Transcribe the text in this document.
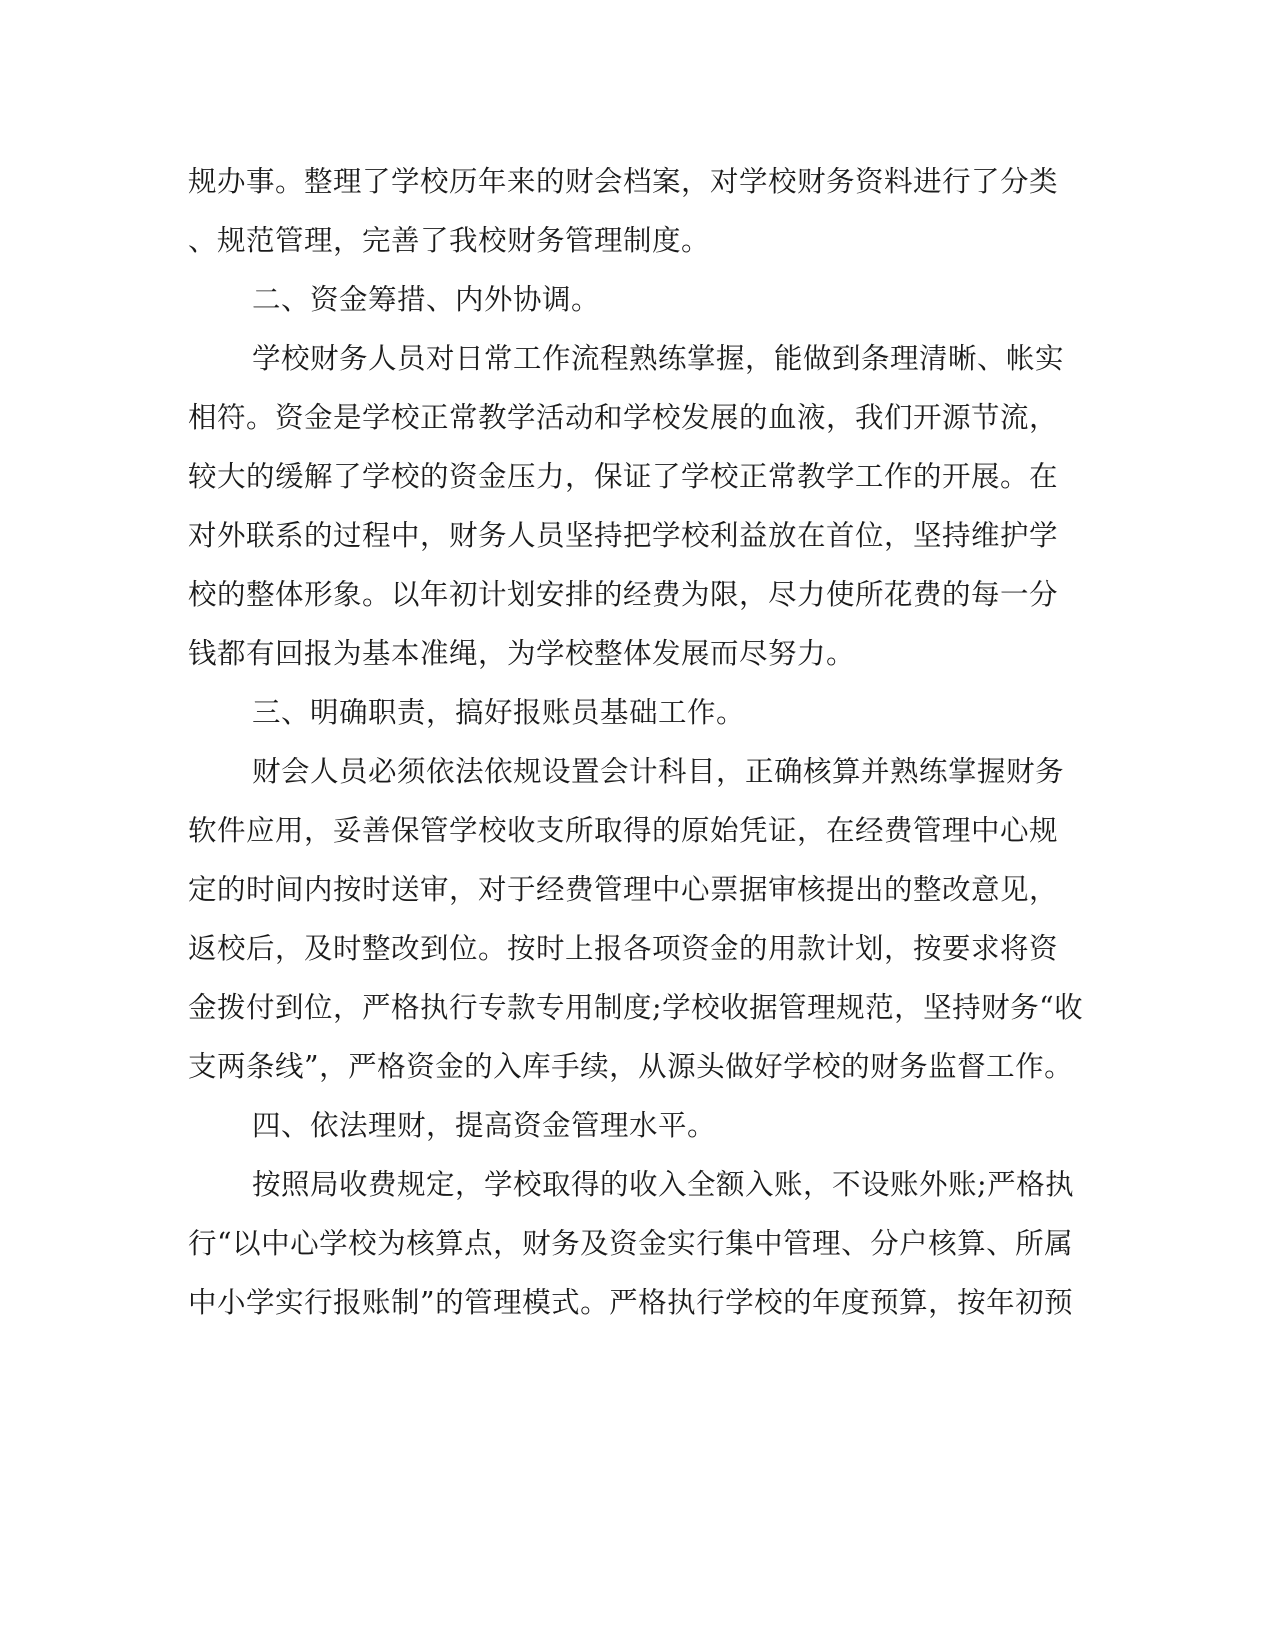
规办事。整理了学校历年来的财会档案，对学校财务资料进行了分类
、规范管理，完善了我校财务管理制度。
二、资金筹措、内外协调。
学校财务人员对日常工作流程熟练掌握，能做到条理清晰、帐实
相符。资金是学校正常教学活动和学校发展的血液，我们开源节流，
较大的缓解了学校的资金压力，保证了学校正常教学工作的开展。在
对外联系的过程中，财务人员坚持把学校利益放在首位，坚持维护学
校的整体形象。以年初计划安排的经费为限，尽力使所花费的每一分
钱都有回报为基本准绳，为学校整体发展而尽努力。
三、明确职责，搞好报账员基础工作。
财会人员必须依法依规设置会计科目，正确核算并熟练掌握财务
软件应用，妥善保管学校收支所取得的原始凭证，在经费管理中心规
定的时间内按时送审，对于经费管理中心票据审核提出的整改意见，
返校后，及时整改到位。按时上报各项资金的用款计划，按要求将资
金拨付到位，严格执行专款专用制度;学校收据管理规范，坚持财务“收
支两条线”，严格资金的入库手续，从源头做好学校的财务监督工作。
四、依法理财，提高资金管理水平。
按照局收费规定，学校取得的收入全额入账，不设账外账;严格执
行“以中心学校为核算点，财务及资金实行集中管理、分户核算、所属
中小学实行报账制”的管理模式。严格执行学校的年度预算，按年初预
